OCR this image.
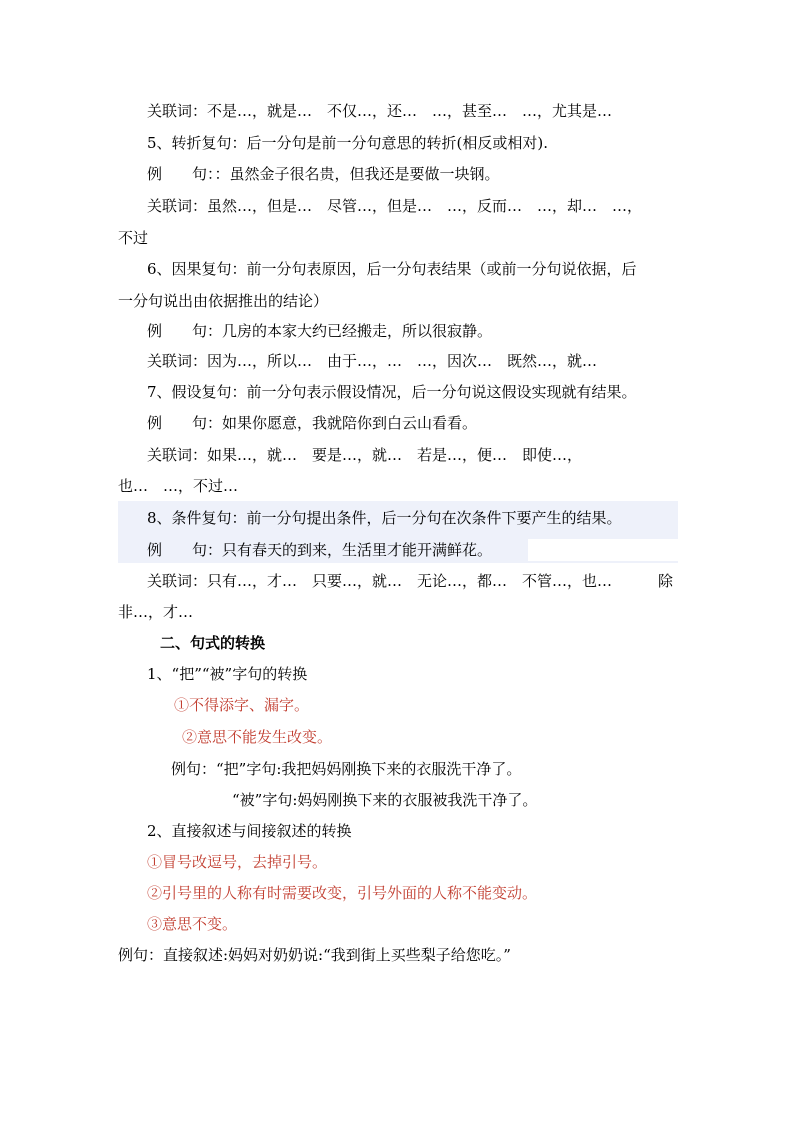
关联词：不是…，就是…　不仅…，还…　…，甚至…　…，尤其是…
5、转折复句：后一分句是前一分句意思的转折(相反或相对).
例　　句：：虽然金子很名贵，但我还是要做一块钢。
关联词：虽然…，但是…　尽管…，但是…　…，反而…　…，却…　…，
不过
6、因果复句：前一分句表原因，后一分句表结果（或前一分句说依据，后
一分句说出由依据推出的结论）
例　　句：几房的本家大约已经搬走，所以很寂静。
关联词：因为…，所以…　由于…，…　…，因次…　既然…，就…
7、假设复句：前一分句表示假设情况，后一分句说这假设实现就有结果。
例　　句：如果你愿意，我就陪你到白云山看看。
关联词：如果…，就…　要是…，就…　若是…，便…　即使…，
也…　…，不过…
8、条件复句：前一分句提出条件，后一分句在次条件下要产生的结果。
例　　句：只有春天的到来，生活里才能开满鲜花。
关联词：只有…，才…　只要…，就…　无论…，都…　不管…，也…	除
非…，才…
二、句式的转换
1、“把”“被”字句的转换
①不得添字、漏字。
②意思不能发生改变。
例句：“把”字句:我把妈妈刚换下来的衣服洗干净了。
“被”字句:妈妈刚换下来的衣服被我洗干净了。
2、直接叙述与间接叙述的转换
①冒号改逗号，去掉引号。
②引号里的人称有时需要改变，引号外面的人称不能变动。
③意思不变。
例句：直接叙述:妈妈对奶奶说:“我到街上买些梨子给您吃。”
